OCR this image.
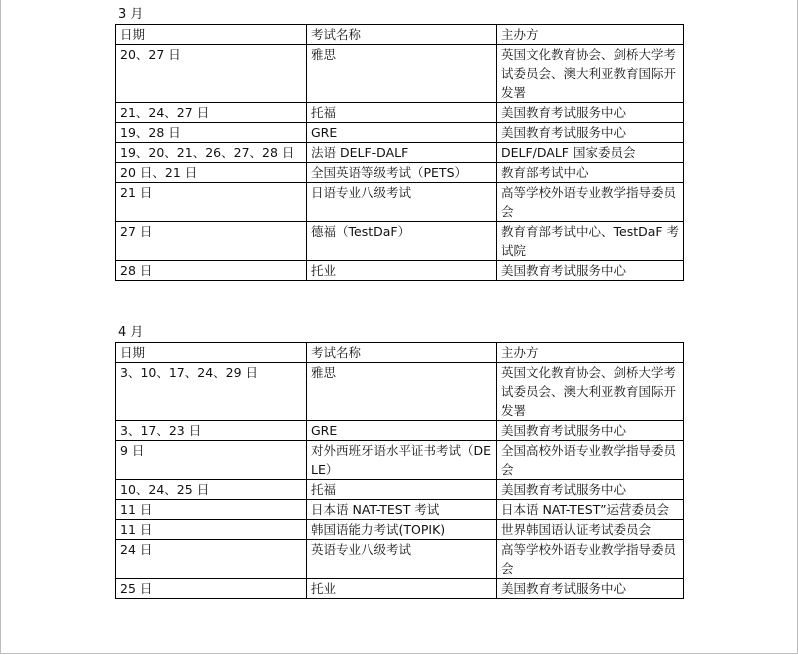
3 月
日期	考试名称	主办方
20、27 日	雅思	英国文化教育协会、剑桥大学考试委员会、澳大利亚教育国际开发署
21、24、27 日	托福	美国教育考试服务中心
19、28 日	GRE	美国教育考试服务中心
19、20、21、26、27、28 日	法语 DELF-DALF	DELF/DALF 国家委员会
20 日、21 日	全国英语等级考试（PETS）	教育部考试中心
21 日	日语专业八级考试	高等学校外语专业教学指导委员会
27 日	德福（TestDaF）	教育育部考试中心、TestDaF 考试院
28 日	托业	美国教育考试服务中心
4 月
日期	考试名称	主办方
3、10、17、24、29 日	雅思	英国文化教育协会、剑桥大学考试委员会、澳大利亚教育国际开发署
3、17、23 日	GRE	美国教育考试服务中心
9 日	对外西班牙语水平证书考试（DELE）	全国高校外语专业教学指导委员会
10、24、25 日	托福	美国教育考试服务中心
11 日	日本语 NAT-TEST 考试	日本语 NAT-TEST”运营委员会
11 日	韩国语能力考试(TOPIK)	世界韩国语认证考试委员会
24 日	英语专业八级考试	高等学校外语专业教学指导委员会
25 日	托业	美国教育考试服务中心
